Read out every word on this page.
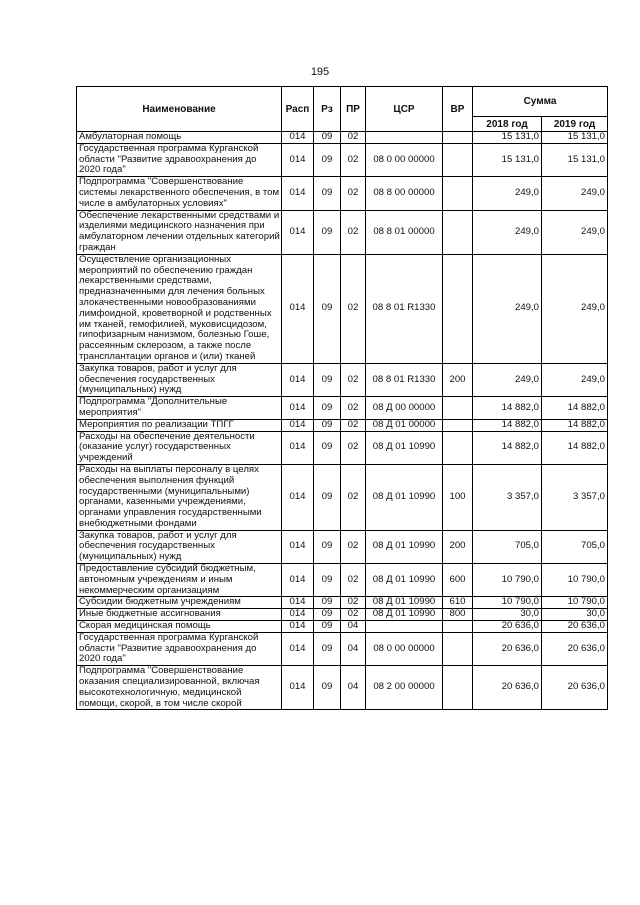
195
Наименование	Расп	Рз	ПР	ЦСР	ВР	Сумма	
						2018 год	2019 год
Амбулаторная помощь	014	09	02			15 131,0	15 131,0
Государственная программа Курганской области "Развитие здравоохранения до 2020 года"	014	09	02	08 0 00 00000		15 131,0	15 131,0
Подпрограмма "Совершенствование системы лекарственного обеспечения, в том числе в амбулаторных условиях"	014	09	02	08 8 00 00000		249,0	249,0
Обеспечение лекарственными средствами и изделиями медицинского назначения при амбулаторном лечении отдельных категорий граждан	014	09	02	08 8 01 00000		249,0	249,0
Осуществление организационных мероприятий по обеспечению граждан лекарственными средствами, предназначенными для лечения больных злокачественными новообразованиями лимфоидной, кроветворной и родственных им тканей, гемофилией, муковисцидозом, гипофизарным нанизмом, болезнью Гоше, рассеянным склерозом, а также после трансплантации органов и (или) тканей	014	09	02	08 8 01 R1330		249,0	249,0
Закупка товаров, работ и услуг для обеспечения государственных (муниципальных) нужд	014	09	02	08 8 01 R1330	200	249,0	249,0
Подпрограмма "Дополнительные мероприятия"	014	09	02	08 Д 00 00000		14 882,0	14 882,0
Мероприятия по реализации ТПГГ	014	09	02	08 Д 01 00000		14 882,0	14 882,0
Расходы на обеспечение деятельности (оказание услуг) государственных учреждений	014	09	02	08 Д 01 10990		14 882,0	14 882,0
Расходы на выплаты персоналу в целях обеспечения выполнения функций государственными (муниципальными) органами, казенными учреждениями, органами управления государственными внебюджетными фондами	014	09	02	08 Д 01 10990	100	3 357,0	3 357,0
Закупка товаров, работ и услуг для обеспечения государственных (муниципальных) нужд	014	09	02	08 Д 01 10990	200	705,0	705,0
Предоставление субсидий бюджетным, автономным учреждениям и иным некоммерческим организациям	014	09	02	08 Д 01 10990	600	10 790,0	10 790,0
Субсидии бюджетным учреждениям	014	09	02	08 Д 01 10990	610	10 790,0	10 790,0
Иные бюджетные ассигнования	014	09	02	08 Д 01 10990	800	30,0	30,0
Скорая медицинская помощь	014	09	04			20 636,0	20 636,0
Государственная программа Курганской области "Развитие здравоохранения до 2020 года"	014	09	04	08 0 00 00000		20 636,0	20 636,0
Подпрограмма "Совершенствование оказания специализированной, включая высокотехнологичную, медицинской помощи, скорой, в том числе скорой	014	09	04	08 2 00 00000		20 636,0	20 636,0
